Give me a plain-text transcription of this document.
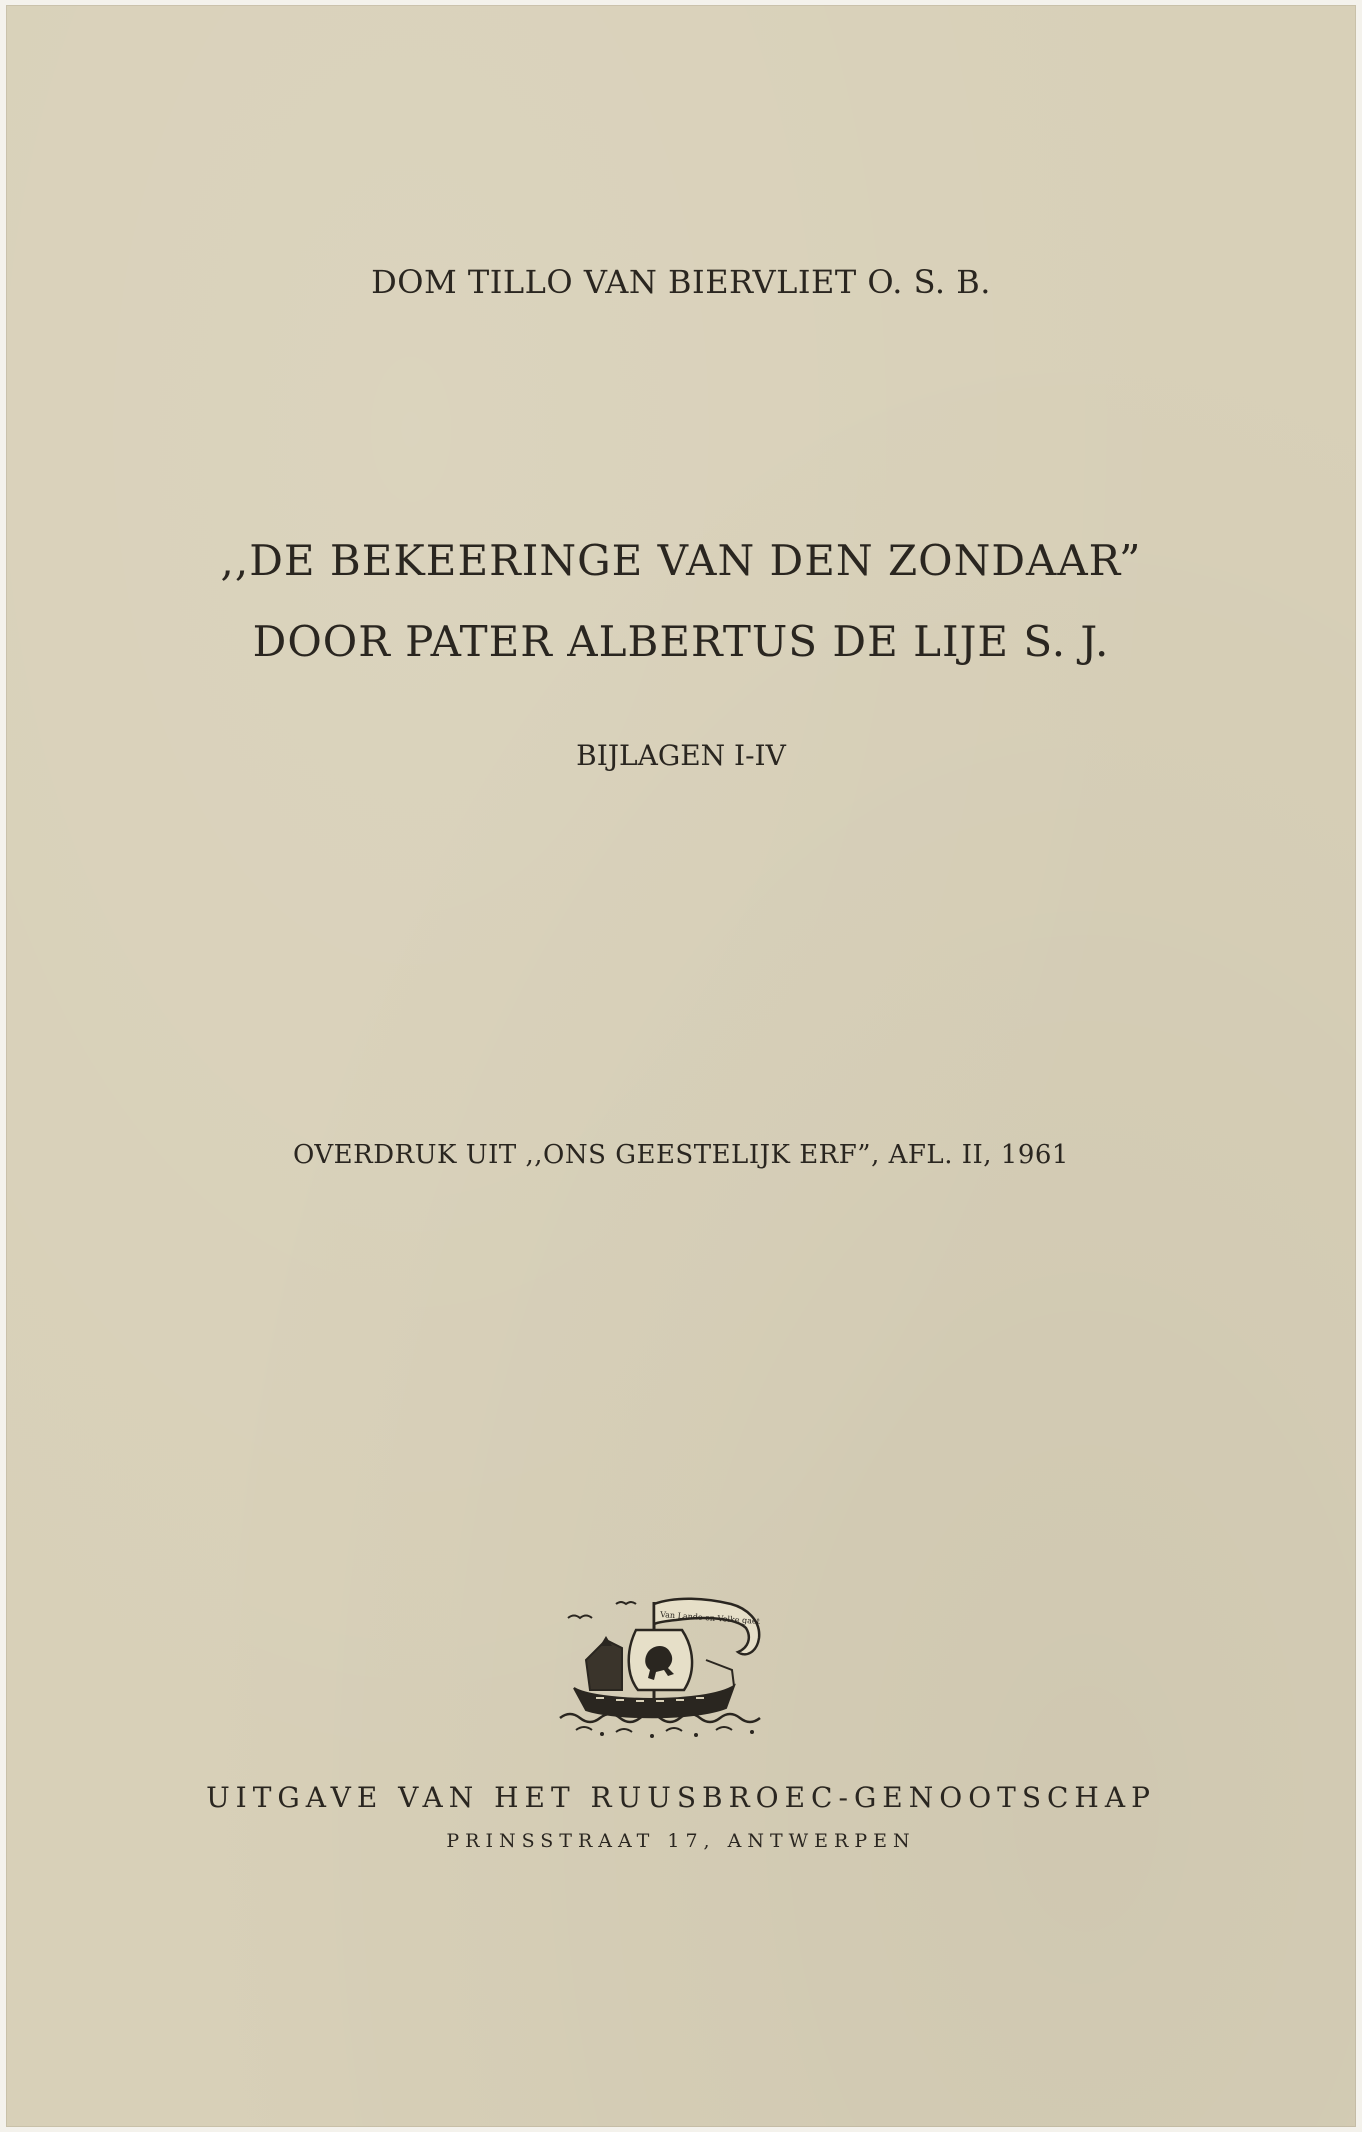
DOM TILLO VAN BIERVLIET O. S. B.
,,DE BEKEERINGE VAN DEN ZONDAAR”
DOOR PATER ALBERTUS DE LIJE S. J.
BIJLAGEN I-IV
OVERDRUK UIT ,,ONS GEESTELIJK ERF”, AFL. II, 1961
Van Lande en Volke gaet
UITGAVE VAN HET RUUSBROEC-GENOOTSCHAP
PRINSSTRAAT 17, ANTWERPEN
